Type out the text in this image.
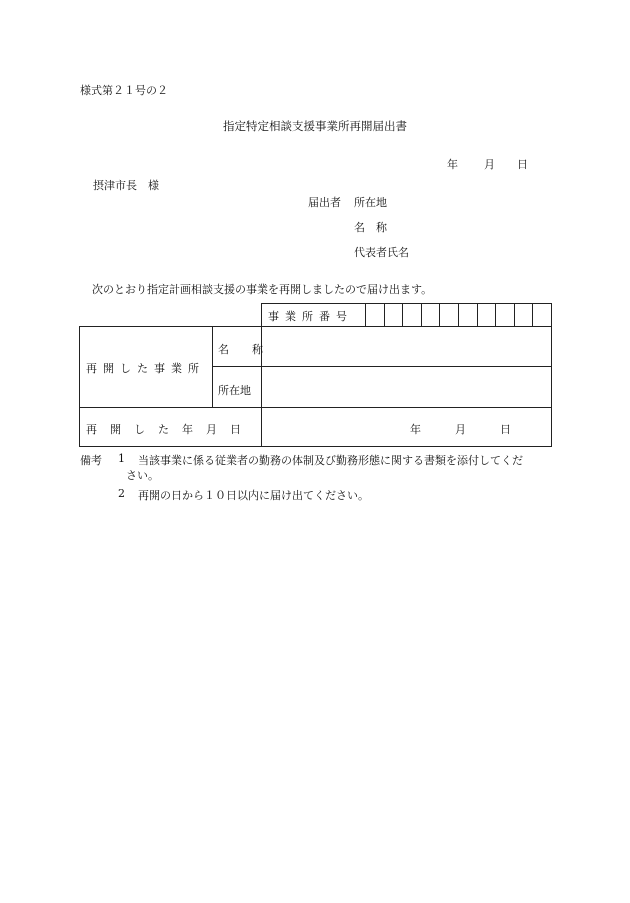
様式第２１号の２
指定特定相談支援事業所再開届出書
年 月 日
摂津市長　様
届出者 所在地
名　称
代表者氏名
次のとおり指定計画相談支援の事業を再開しましたので届け出ます。
事業所番号
再開した事業所
名　称
所在地
再開した年月日	年	月	日
備考 1 当該事業に係る従業者の勤務の体制及び勤務形態に関する書類を添付してくだ
さい。
2 再開の日から１０日以内に届け出てください。
